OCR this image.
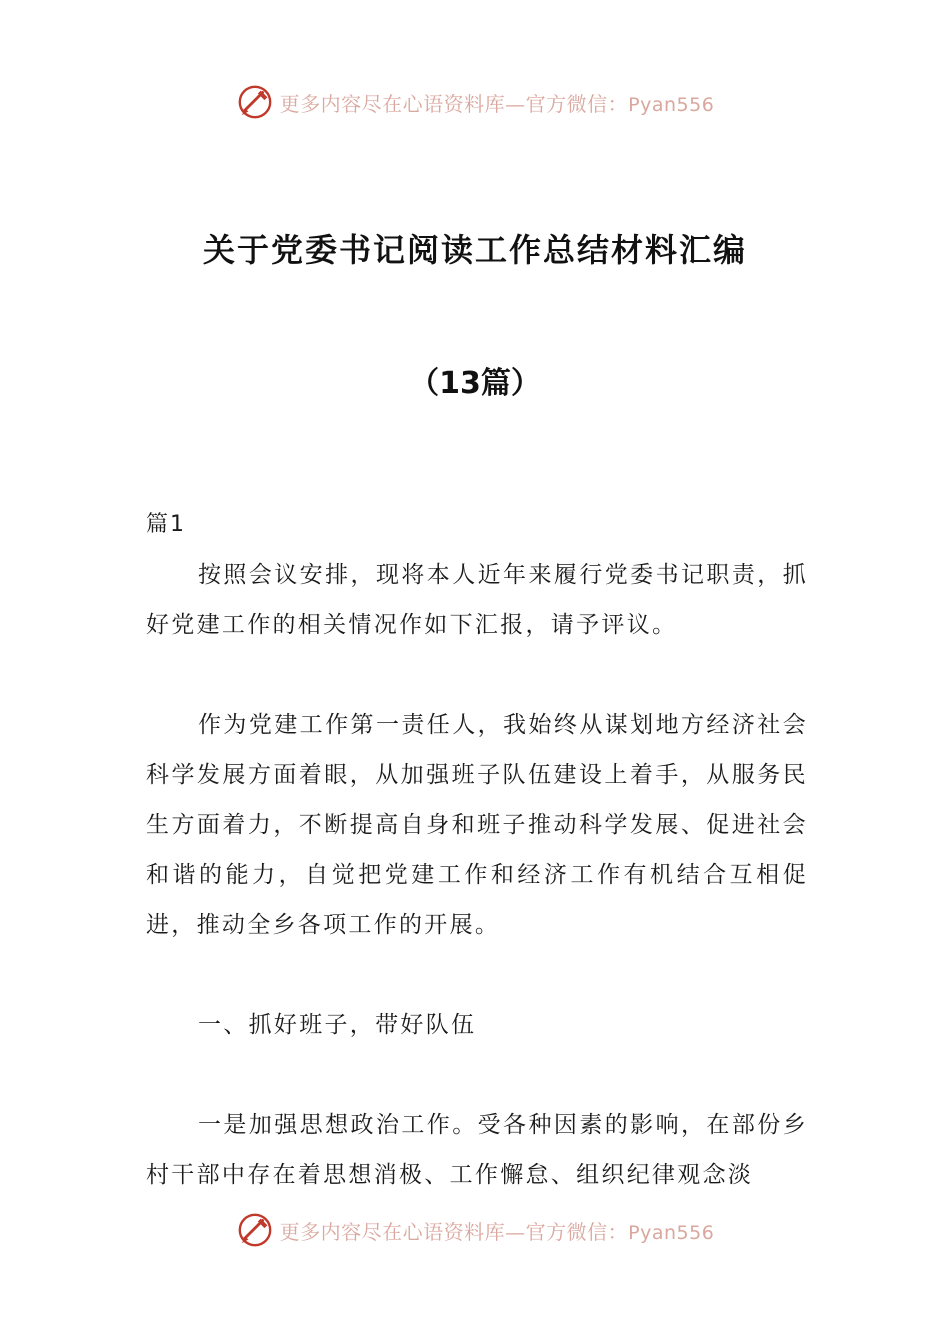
更多内容尽在心语资料库—官方微信：Pyan556
关于党委书记阅读工作总结材料汇编
（13篇）

篇1

按照会议安排，现将本人近年来履行党委书记职责，抓好党建工作的相关情况作如下汇报，请予评议。

作为党建工作第一责任人，我始终从谋划地方经济社会科学发展方面着眼，从加强班子队伍建设上着手，从服务民生方面着力，不断提高自身和班子推动科学发展、促进社会和谐的能力，自觉把党建工作和经济工作有机结合互相促进，推动全乡各项工作的开展。

一、抓好班子，带好队伍

一是加强思想政治工作。受各种因素的影响，在部份乡村干部中存在着思想消极、工作懈怠、组织纪律观念淡

更多内容尽在心语资料库—官方微信：Pyan556
